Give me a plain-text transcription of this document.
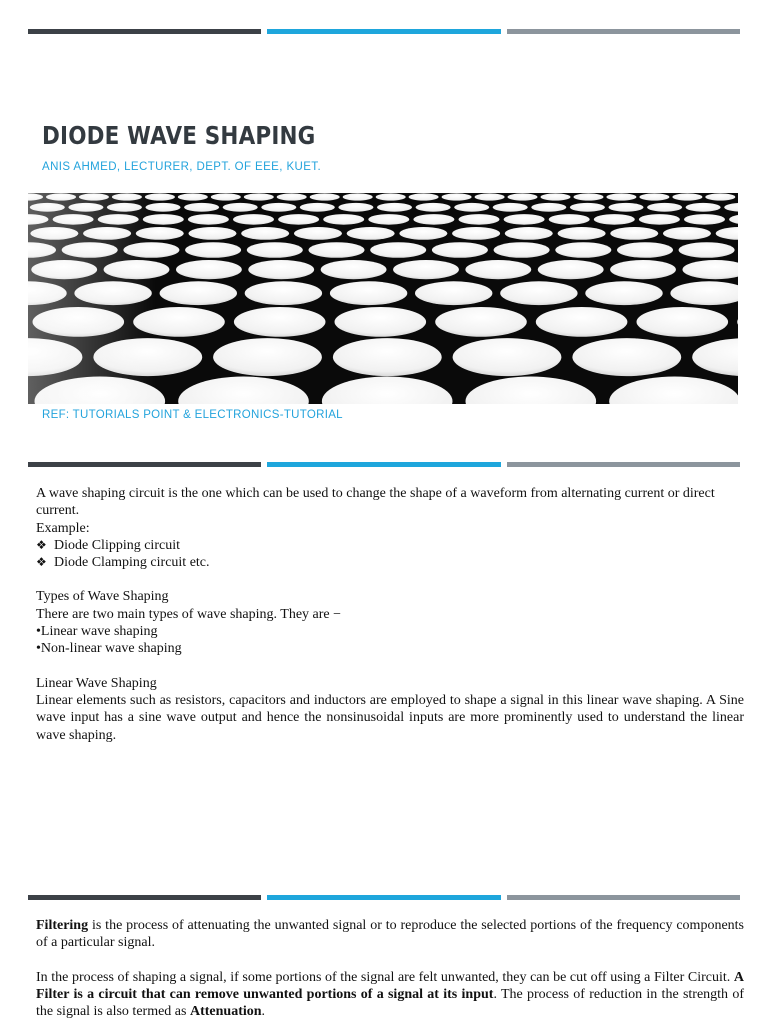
DIODE WAVE SHAPING

ANIS AHMED, LECTURER, DEPT. OF EEE, KUET.

REF: TUTORIALS POINT & ELECTRONICS-TUTORIAL

A wave shaping circuit is the one which can be used to change the shape of a waveform from alternating current or direct current.

Example:

❖ Diode Clipping circuit

❖ Diode Clamping circuit etc.

Types of Wave Shaping

There are two main types of wave shaping. They are −

•Linear wave shaping

•Non-linear wave shaping

Linear Wave Shaping

Linear elements such as resistors, capacitors and inductors are employed to shape a signal in this linear wave shaping. A Sine wave input has a sine wave output and hence the nonsinusoidal inputs are more prominently used to understand the linear wave shaping.

Filtering is the process of attenuating the unwanted signal or to reproduce the selected portions of the frequency components of a particular signal.

In the process of shaping a signal, if some portions of the signal are felt unwanted, they can be cut off using a Filter Circuit. A Filter is a circuit that can remove unwanted portions of a signal at its input. The process of reduction in the strength of the signal is also termed as Attenuation.
